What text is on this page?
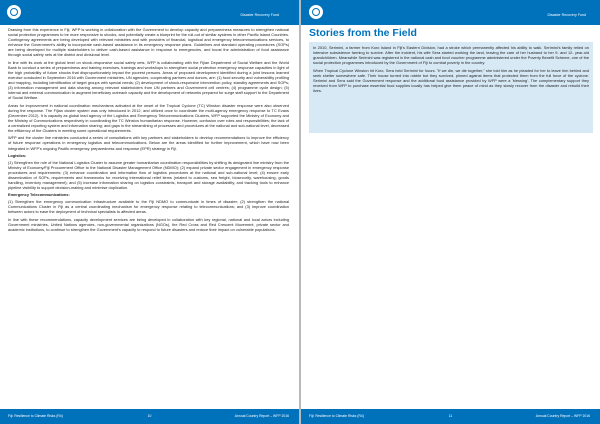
Disaster Recovery Fund

Drawing from this experience in Fiji, WFP is working in collaboration with the Government to develop capacity and preparedness measures to strengthen national social protection programmes to be more responsive to shocks, and potentially create a blueprint for the roll-out of similar systems in other Pacific Island Countries. Contingency agreements are being developed with relevant ministries and with providers of financial, logistical and emergency telecommunications services, to enhance the Government's ability to incorporate cash-based assistance in its emergency response plans. Guidelines and standard operating procedures (SOPs) are being developed for multiple stakeholders to deliver cash-based assistance in response to emergencies, and boost the administration of food assistance through social safety nets at the district and divisional level.

In line with its work at the global level on shock-responsive social safety nets, WFP is collaborating with the Fijian Department of Social Welfare and the World Bank to conduct a series of preparedness and training exercises, trainings and workshops to strengthen social protection emergency response capacities in light of the high probability of future shocks that disproportionately impact the poorest persons. Areas of proposed development identified during a joint lessons learned exercise conducted in September 2016 with Government ministries, UN agencies, cooperating partners and donors, are: (1) food security and vulnerability profiling and mapping, including identification of target groups with special needs; (2) development of shock-responsive intervention policy, standby agreements and SOPs; (3) information management and data sharing among relevant stakeholders from UN partners and Government cell centres; (4) programme cycle design; (5) internal and external communication to augment beneficiary outreach capacity and the development of networks prepared for surge staff support to the Department of Social Welfare.

Areas for improvement in national coordination mechanisms activated at the onset of the Tropical Cyclone (TC) Winston disaster response were also observed during the response. The Fijian cluster system was only introduced in 2012, and utilized once to coordinate the multi-agency emergency response to TC Evans (December 2012). It is capacity as global lead agency of the Logistics and Emergency Telecommunications Clusters, WFP supported the Ministry of Economy and the Ministry of Communications respectively in coordinating the TC Winston humanitarian response. However, confusion over roles and responsibilities; the lack of a centralized reporting system and information sharing; and gaps in the streamlining of processes and procedures at the national and sub-national level, decreased the efficiency of the Clusters in meeting some operational requirements.

WFP and the cluster line ministries conducted a series of consultations with key partners and stakeholders to develop recommendations to improve the efficiency of future response operations in emergency logistics and telecommunications. Below are the areas identified for further improvement, which have now been integrated in WFP's ongoing Pacific emergency preparedness and response (EPR) strategy in Fiji.

Logistics:

(1) Strengthen the role of the National Logistics Cluster to assume greater humanitarian coordination responsibilities by shifting its designated line ministry from the Ministry of Economy/Fiji Procurement Office to the National Disaster Management Office (NDMO); (2) expand private sector engagement in emergency response procedures and requirements; (3) enhance coordination and information flow of logistics procedures at the national and sub-national level; (4) ensure early dissemination of SOPs, requirements and frameworks for receiving international relief items (related to customs, sea freight, biosecurity, warehousing, goods handling, inventory management); and (5) increase information sharing on logistics constraints, transport and storage availability, and tracking tools to enhance pipeline visibility to support decision-making and minimise duplication.

Emergency Telecommunications:

(1) Strengthen the emergency communication infrastructure available to the Fiji NDMO to communicate in times of disaster; (2) strengthen the national Communications Cluster in Fiji as a central coordinating mechanism for emergency response relating to telecommunications; and (3) improve coordination between actors to ease the deployment of technical specialists to affected areas.

In line with these recommendations, capacity development services are being developed in collaboration with key regional, national and local actors including Government ministries, United Nations agencies, non-governmental organizations (NGOs), the Red Cross and Red Crescent Movement, private sector and academic institutions, to continue to strengthen the Government's capacity to respond to future disasters and reduce their impact on vulnerable populations.

Fiji: Resilience to Climate Risks (R4)	10	Annual Country Report – WFP 2016
Disaster Recovery Fund
Stories from the Field

In 2010, Serimini, a farmer from Koro Island in Fiji's Eastern Division, had a stroke which permanently affected his ability to walk. Serimini's family relied on intensive subsistence farming to survive. After the incident, his wife Sera started working the land, leaving the care of her husband to her 9- and 12- year-old grandchildren. Meanwhile Serimini was registered in the national cash and food voucher programme administered under the Poverty Benefit Scheme, one of the social protection programmes introduced by the Government of Fiji to combat poverty in the country.

When Tropical Cyclone Winston hit Koro, Sera held Serimini for hours. "If we die, we die together," she told him as he pleaded for her to leave him behind and seek shelter somewhere safe. Their house turned into rubble but they survived, pinned against items that protected them from the full force of the cyclone. Serimini and Sera said the Government response and the additional food assistance provided by WFP were a 'blessing'. The complementary support they received from WFP to purchase essential food supplies locally has helped give them peace of mind as they slowly recover from the disaster and rebuild their lives.

Fiji: Resilience to Climate Risks (R4)	11	Annual Country Report – WFP 2016
